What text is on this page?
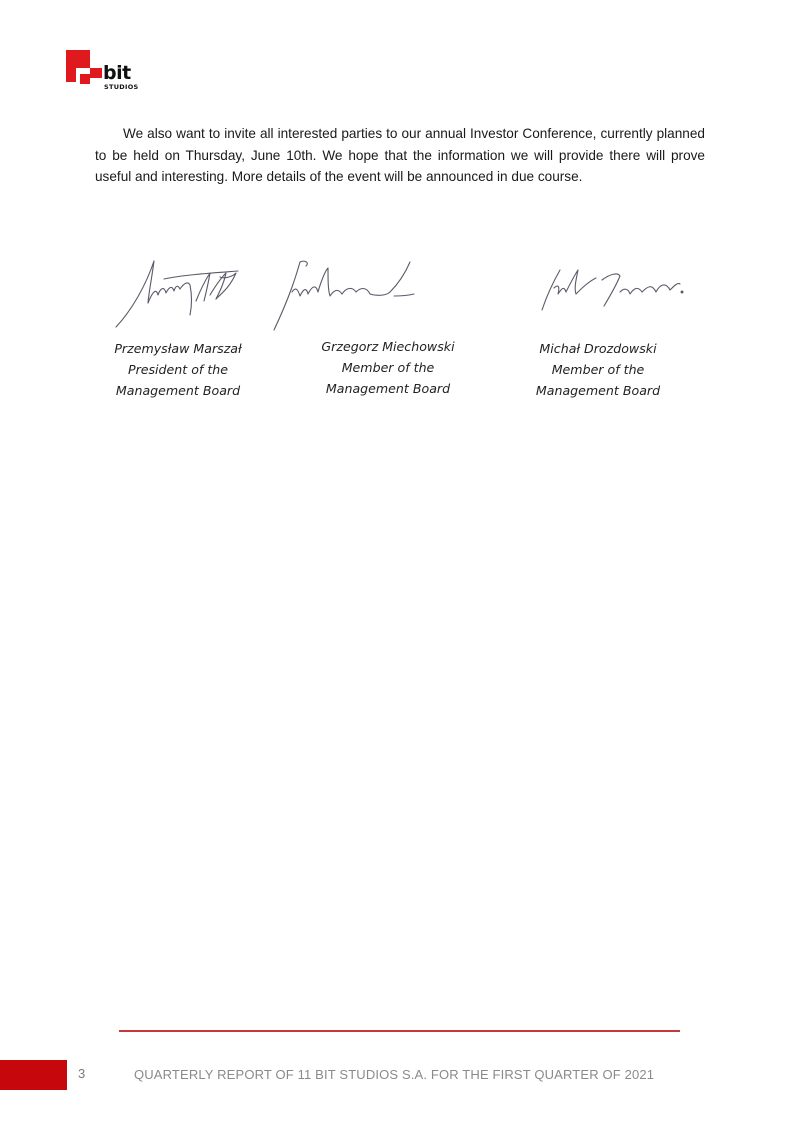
bit
STUDIOS

We also want to invite all interested parties to our annual Investor Conference, currently planned to be held on Thursday, June 10th. We hope that the information we will provide there will prove useful and interesting. More details of the event will be announced in due course.

Przemysław Marszał
President of the
Management Board
Grzegorz Miechowski
Member of the
Management Board
Michał Drozdowski
Member of the
Management Board
3	QUARTERLY REPORT OF 11 BIT STUDIOS S.A. FOR THE FIRST QUARTER OF 2021
